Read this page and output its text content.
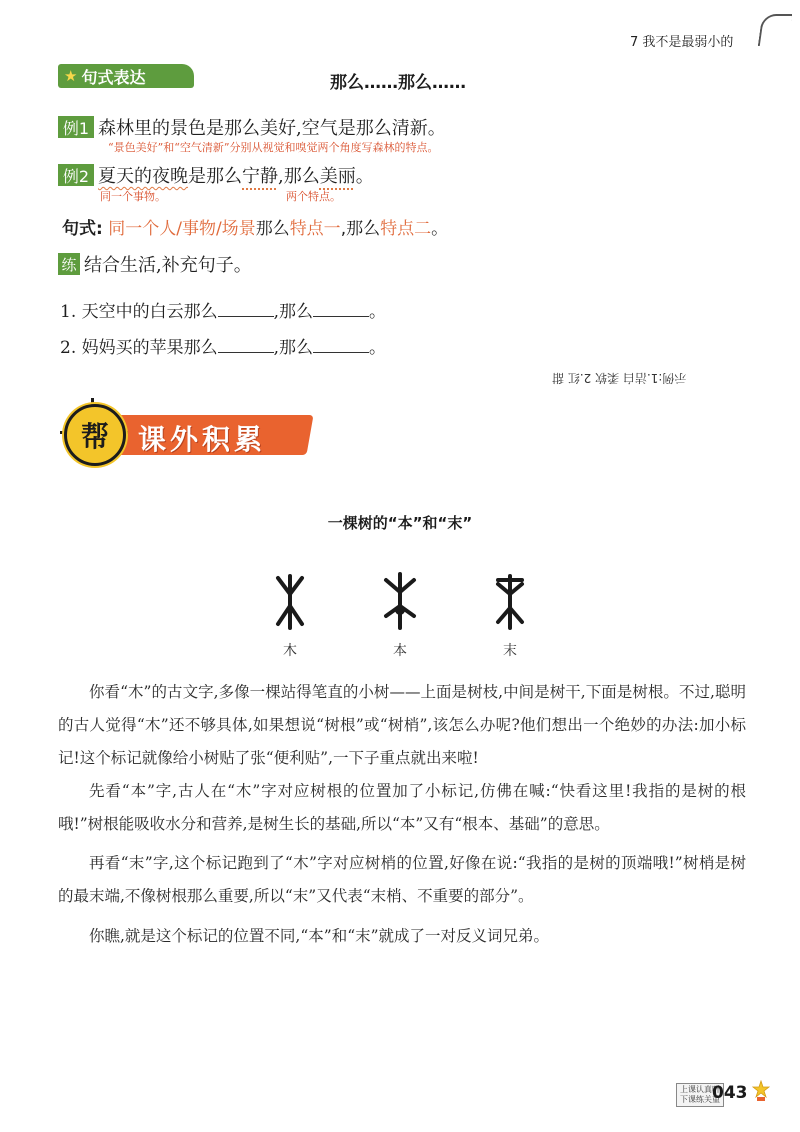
7 我不是最弱小的
★ 句式表达	那么……那么……
例1 森林里的景色是那么美好,空气是那么清新。
“景色美好”和“空气清新”分别从视觉和嗅觉两个角度写森林的特点。
例2 夏天的夜晚是那么宁静,那么美丽。
同一个事物。	两个特点。
句式: 同一个人/事物/场景那么特点一,那么特点二。
练 结合生活,补充句子。
1. 天空中的白云那么	,那么	。
2. 妈妈买的苹果那么	,那么	。
示例:1.洁白 柔软 2.红 甜
帮	课外积累
一棵树的“本”和“末”
木	本	末
你看“木”的古文字,多像一棵站得笔直的小树——上面是树枝,中间是树干,下面是树根。不过,聪明的古人觉得“木”还不够具体,如果想说“树根”或“树梢”,该怎么办呢?他们想出一个绝妙的办法:加小标记!这个标记就像给小树贴了张“便利贴”,一下子重点就出来啦!
先看“本”字,古人在“木”字对应树根的位置加了小标记,仿佛在喊:“快看这里!我指的是树的根哦!”树根能吸收水分和营养,是树生长的基础,所以“本”又有“根本、基础”的意思。
再看“末”字,这个标记跑到了“木”字对应树梢的位置,好像在说:“我指的是树的顶端哦!”树梢是树的最末端,不像树根那么重要,所以“末”又代表“末梢、不重要的部分”。
你瞧,就是这个标记的位置不同,“本”和“末”就成了一对反义词兄弟。
上课认真听
下课练关重
043
